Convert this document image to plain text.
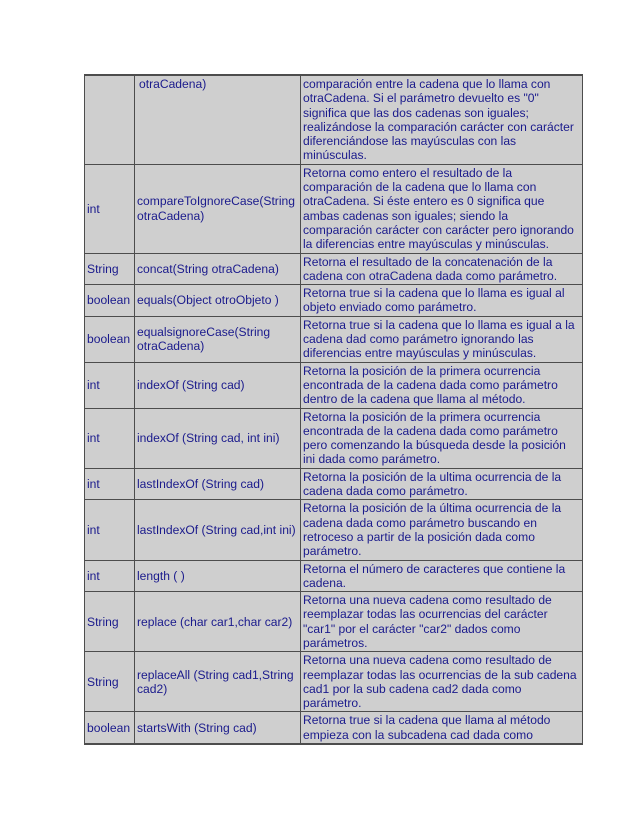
	otraCadena)	comparación entre la cadena que lo llama con otraCadena. Si el parámetro devuelto es "0" significa que las dos cadenas son iguales; realizándose la comparación carácter con carácter diferenciándose las mayúsculas con las minúsculas.
int	compareToIgnoreCase(String otraCadena)	Retorna como entero el resultado de la comparación de la cadena que lo llama con otraCadena. Si éste entero es 0 significa que ambas cadenas son iguales; siendo la comparación carácter con carácter pero ignorando la diferencias entre mayúsculas y minúsculas.
String	concat(String otraCadena)	Retorna el resultado de la concatenación de la cadena con otraCadena dada como parámetro.
boolean	equals(Object otroObjeto )	Retorna true si la cadena que lo llama es igual al objeto enviado como parámetro.
boolean	equalsignoreCase(String otraCadena)	Retorna true si la cadena que lo llama es igual a la cadena dad como parámetro ignorando las diferencias entre mayúsculas y minúsculas.
int	indexOf (String cad)	Retorna la posición de la primera ocurrencia encontrada de la cadena dada como parámetro dentro de la cadena que llama al método.
int	indexOf (String cad, int ini)	Retorna la posición de la primera ocurrencia encontrada de la cadena dada como parámetro pero comenzando la búsqueda desde la posición ini dada como parámetro.
int	lastIndexOf (String cad)	Retorna la posición de la ultima ocurrencia de la cadena dada como parámetro.
int	lastIndexOf (String cad,int ini)	Retorna la posición de la última ocurrencia de la cadena dada como parámetro buscando en retroceso a partir de la posición dada como parámetro.
int	length ( )	Retorna el número de caracteres que contiene la cadena.
String	replace (char car1,char car2)	Retorna una nueva cadena como resultado de reemplazar todas las ocurrencias del carácter "car1" por el carácter "car2" dados como parámetros.
String	replaceAll (String cad1,String cad2)	Retorna una nueva cadena como resultado de reemplazar todas las ocurrencias de la sub cadena cad1 por la sub cadena cad2 dada como parámetro.
boolean	startsWith (String cad)	Retorna true si la cadena que llama al método empieza con la subcadena cad dada como
